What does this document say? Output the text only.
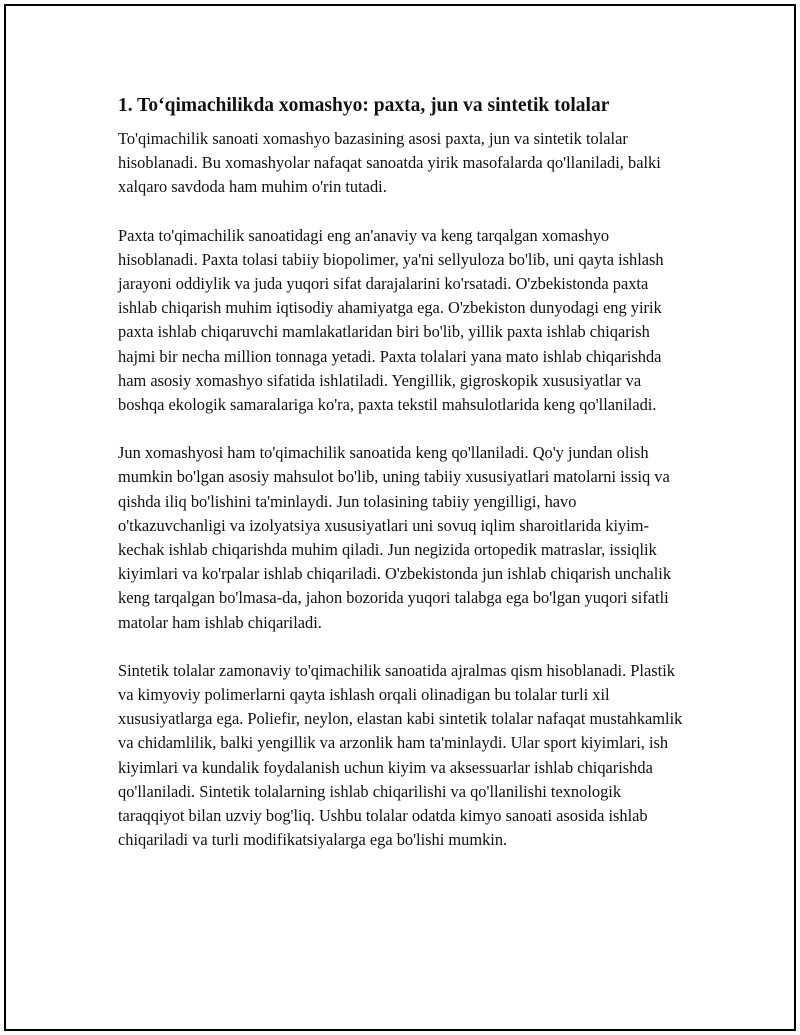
1. To‘qimachilikda xomashyo: paxta, jun va sintetik tolalar

To'qimachilik sanoati xomashyo bazasining asosi paxta, jun va sintetik tolalar hisoblanadi. Bu xomashyolar nafaqat sanoatda yirik masofalarda qo'llaniladi, balki xalqaro savdoda ham muhim o'rin tutadi.

Paxta to'qimachilik sanoatidagi eng an'anaviy va keng tarqalgan xomashyo hisoblanadi. Paxta tolasi tabiiy biopolimer, ya'ni sellyuloza bo'lib, uni qayta ishlash jarayoni oddiylik va juda yuqori sifat darajalarini ko'rsatadi. O'zbekistonda paxta ishlab chiqarish muhim iqtisodiy ahamiyatga ega. O'zbekiston dunyodagi eng yirik paxta ishlab chiqaruvchi mamlakatlaridan biri bo'lib, yillik paxta ishlab chiqarish hajmi bir necha million tonnaga yetadi. Paxta tolalari yana mato ishlab chiqarishda ham asosiy xomashyo sifatida ishlatiladi. Yengillik, gigroskopik xususiyatlar va boshqa ekologik samaralariga ko'ra, paxta tekstil mahsulotlarida keng qo'llaniladi.

Jun xomashyosi ham to'qimachilik sanoatida keng qo'llaniladi. Qo'y jundan olish mumkin bo'lgan asosiy mahsulot bo'lib, uning tabiiy xususiyatlari matolarni issiq va qishda iliq bo'lishini ta'minlaydi. Jun tolasining tabiiy yengilligi, havo o'tkazuvchanligi va izolyatsiya xususiyatlari uni sovuq iqlim sharoitlarida kiyim-kechak ishlab chiqarishda muhim qiladi. Jun negizida ortopedik matraslar, issiqlik kiyimlari va ko'rpalar ishlab chiqariladi. O'zbekistonda jun ishlab chiqarish unchalik keng tarqalgan bo'lmasa-da, jahon bozorida yuqori talabga ega bo'lgan yuqori sifatli matolar ham ishlab chiqariladi.

Sintetik tolalar zamonaviy to'qimachilik sanoatida ajralmas qism hisoblanadi. Plastik va kimyoviy polimerlarni qayta ishlash orqali olinadigan bu tolalar turli xil xususiyatlarga ega. Poliefir, neylon, elastan kabi sintetik tolalar nafaqat mustahkamlik va chidamlilik, balki yengillik va arzonlik ham ta'minlaydi. Ular sport kiyimlari, ish kiyimlari va kundalik foydalanish uchun kiyim va aksessuarlar ishlab chiqarishda qo'llaniladi. Sintetik tolalarning ishlab chiqarilishi va qo'llanilishi texnologik taraqqiyot bilan uzviy bog'liq. Ushbu tolalar odatda kimyo sanoati asosida ishlab chiqariladi va turli modifikatsiyalarga ega bo'lishi mumkin.
